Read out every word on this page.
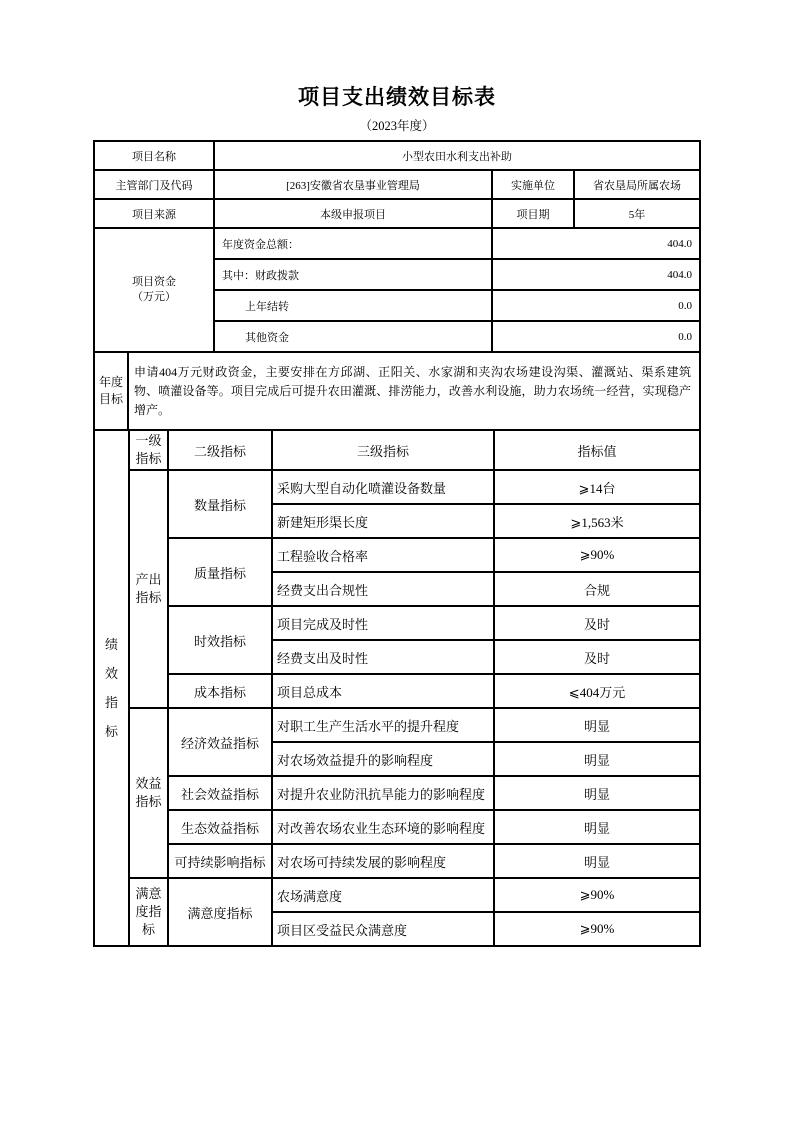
项目支出绩效目标表
（2023年度）
项目名称	小型农田水利支出补助		
主管部门及代码	[263]安徽省农垦事业管理局	实施单位	省农垦局所属农场
项目来源	本级申报项目	项目期	5年

项目资金
（万元）	年度资金总额：	404.0	
	其中：财政拨款	404.0	
	上年结转	0.0	
	其他资金	0.0	
年度目标
	申请404万元财政资金，主要安排在方邱湖、正阳关、水家湖和夹沟农场建设沟渠、灌溉站、渠系建筑物、喷灌设备等。项目完成后可提升农田灌溉、排涝能力，改善水利设施，助力农场统一经营，实现稳产增产。
绩效指标	一级指标	二级指标	三级指标	指标值

	产出指标	数量指标	采购大型自动化喷灌设备数量	⩾14台
			新建矩形渠长度	⩾1,563米
		质量指标	工程验收合格率	⩾90%
			经费支出合规性	合规
		时效指标	项目完成及时性	及时
			经费支出及时性	及时
		成本指标	项目总成本	⩽404万元

	效益指标	经济效益指标	对职工生产生活水平的提升程度	明显
			对农场效益提升的影响程度	明显
		社会效益指标	对提升农业防汛抗旱能力的影响程度	明显
		生态效益指标	对改善农场农业生态环境的影响程度	明显
		可持续影响指标	对农场可持续发展的影响程度	明显

	满意度指标	满意度指标	农场满意度	⩾90%
			项目区受益民众满意度	⩾90%
